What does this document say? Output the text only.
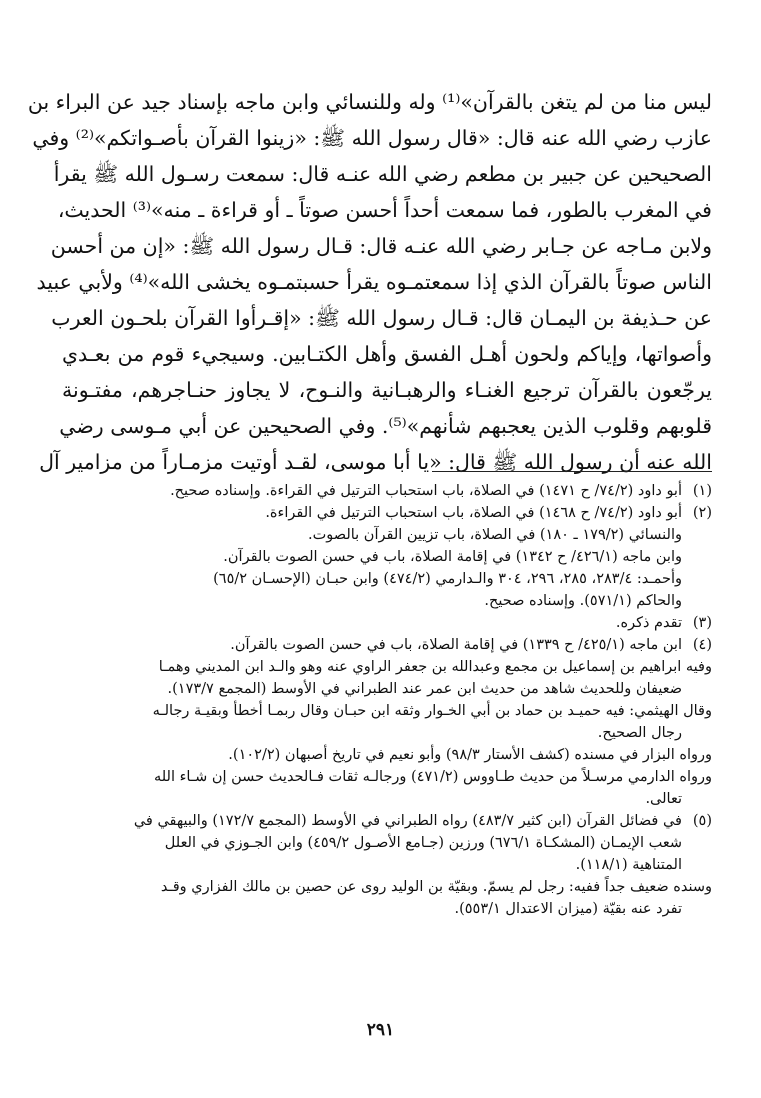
ليس منا من لم يتغن بالقرآن»⁽¹⁾ وله وللنسائي وابن ماجه بإسناد جيد عن البراء بن
عازب رضي الله عنه قال: «قال رسول الله ﷺ: «زينوا القرآن بأصـواتكم»⁽²⁾ وفي
الصحيحين عن جبير بن مطعم رضي الله عنـه قال: سمعت رسـول الله ﷺ يقرأ
في المغرب بالطور، فما سمعت أحداً أحسن صوتاً ـ أو قراءة ـ منه»⁽³⁾ الحديث،
ولابن مـاجه عن جـابر رضي الله عنـه قال: قـال رسول الله ﷺ: «إن من أحسن
الناس صوتاً بالقرآن الذي إذا سمعتمـوه يقرأ حسبتمـوه يخشى الله»⁽⁴⁾ ولأبي عبيد
عن حـذيفة بن اليمـان قال: قـال رسول الله ﷺ: «إقـرأوا القرآن بلحـون العرب
وأصواتها، وإياكم ولحون أهـل الفسق وأهل الكتـابين. وسيجيء قوم من بعـدي
يرجّعون بالقرآن ترجيع الغنـاء والرهبـانية والنـوح، لا يجاوز حنـاجرهم، مفتـونة
قلوبهم وقلوب الذين يعجبهم شأنهم»⁽⁵⁾. وفي الصحيحين عن أبي مـوسى رضي
الله عنه أن رسول الله ﷺ قال: «يا أبا موسى، لقـد أوتيت مزمـاراً من مزامير آل
(١)
أبو داود (٧٤/٢/ ح ١٤٧١) في الصلاة، باب استحباب الترتيل في القراءة. وإسناده صحيح.
(٢)
أبو داود (٧٤/٢/ ح ١٤٦٨) في الصلاة، باب استحباب الترتيل في القراءة.
والنسائي (١٧٩/٢ ـ ١٨٠) في الصلاة، باب تزيين القرآن بالصوت.
وابن ماجه (٤٢٦/١/ ح ١٣٤٢) في إقامة الصلاة، باب في حسن الصوت بالقرآن.
وأحمـد: ٢٨٣/٤، ٢٨٥، ٢٩٦، ٣٠٤ والـدارمي (٤٧٤/٢) وابن حبـان (الإحسـان ٦٥/٢)
والحاكم (٥٧١/١). وإسناده صحيح.
(٣)
تقدم ذكره.
(٤)
ابن ماجه (٤٢٥/١/ ح ١٣٣٩) في إقامة الصلاة، باب في حسن الصوت بالقرآن.
وفيه ابراهيم بن إسماعيل بن مجمع وعبدالله بن جعفر الراوي عنه وهو والـد ابن المديني وهمـا
ضعيفان وللحديث شاهد من حديث ابن عمر عند الطبراني في الأوسط (المجمع ١٧٣/٧).
وقال الهيثمي: فيه حميـد بن حماد بن أبي الخـوار وثقه ابن حبـان وقال ربمـا أخطأ وبقيـة رجالـه
رجال الصحيح.
ورواه البزار في مسنده (كشف الأستار ٩٨/٣) وأبو نعيم في تاريخ أصبهان (١٠٢/٢).
ورواه الدارمي مرسـلاً من حديث طـاووس (٤٧١/٢) ورجالـه ثقات فـالحديث حسن إن شـاء الله
تعالى.
(٥)
في فضائل القرآن (ابن كثير ٤٨٣/٧) رواه الطبراني في الأوسط (المجمع ١٧٢/٧) والبيهقي في
شعب الإيمـان (المشكـاة ٦٧٦/١) ورزين (جـامع الأصـول ٤٥٩/٢) وابن الجـوزي في العلل
المتناهية (١١٨/١).
وسنده ضعيف جداً ففيه: رجل لم يسمّ. وبقيّة بن الوليد روى عن حصين بن مالك الفزاري وقـد
تفرد عنه بقيّة (ميزان الاعتدال ٥٥٣/١).
٢٩١
